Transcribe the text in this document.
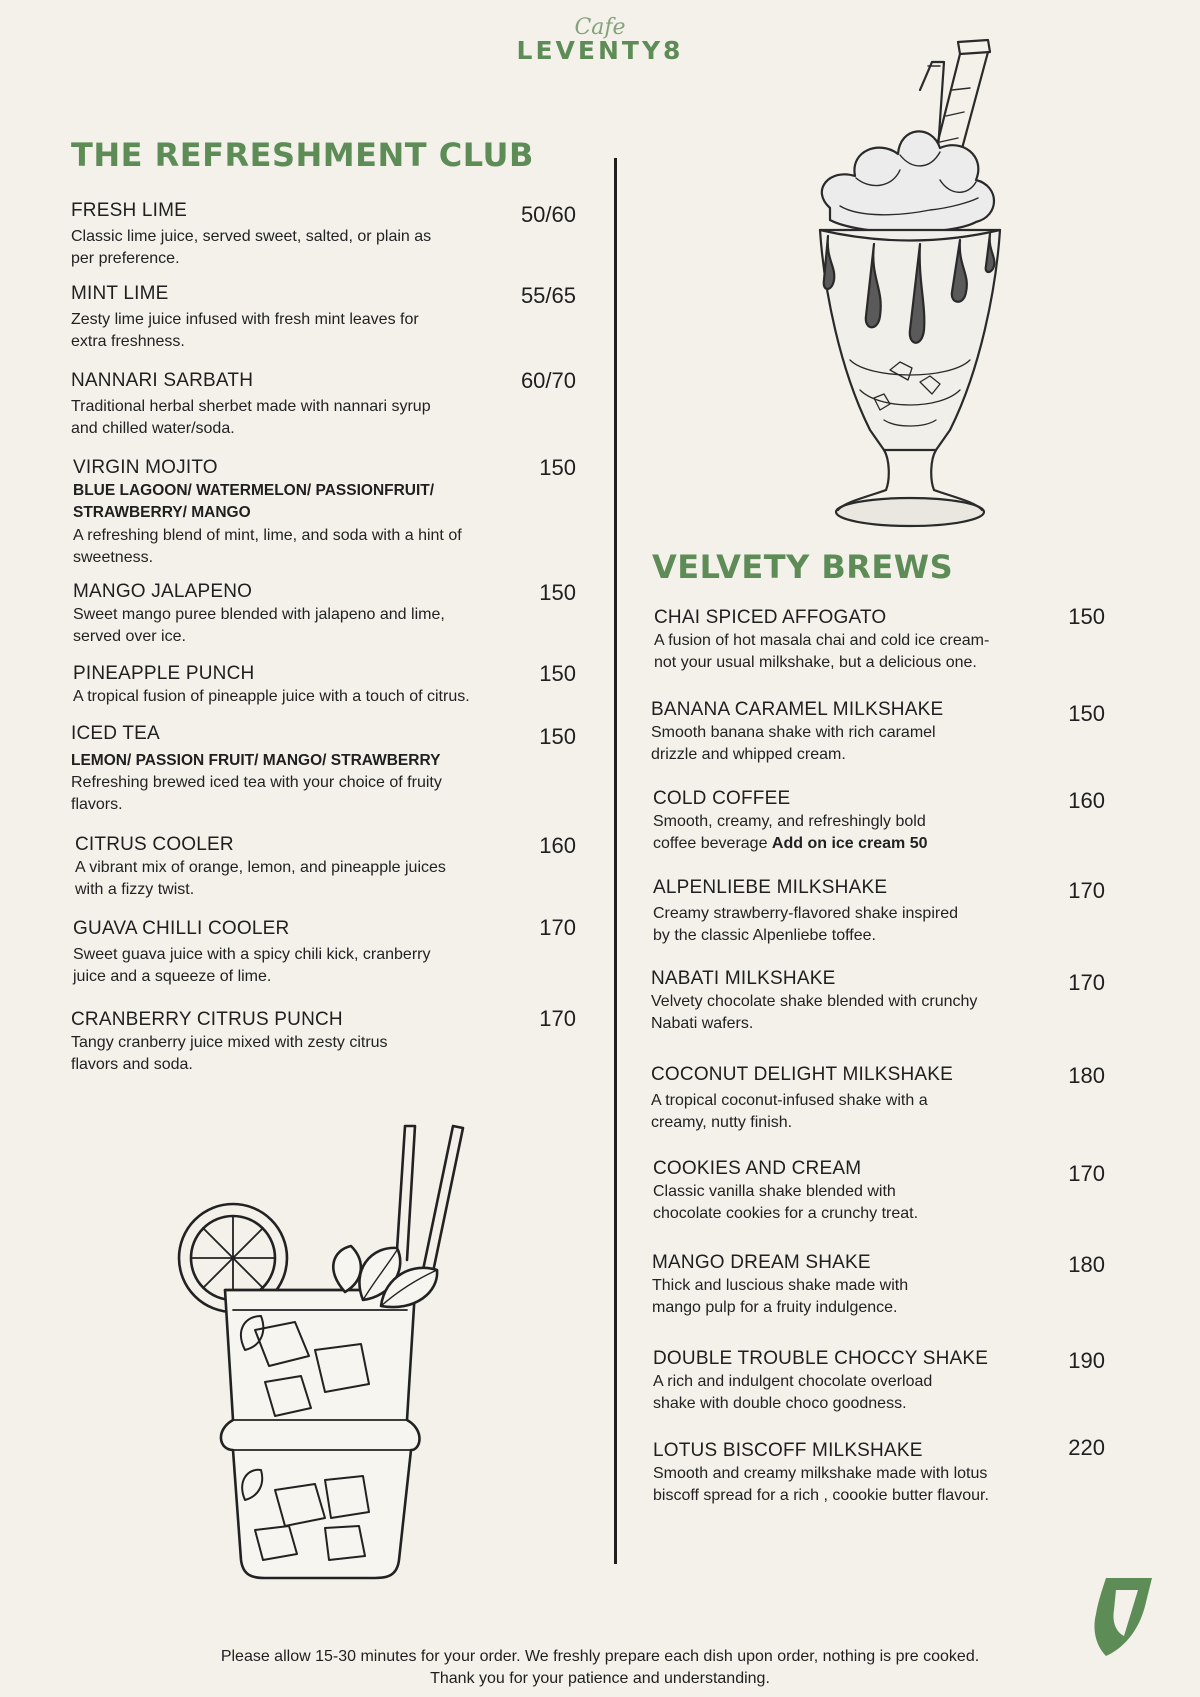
Cafe
LEVENTY8
THE REFRESHMENT CLUB
VELVETY BREWS
FRESH LIME
Classic lime juice, served sweet, salted, or plain as
per preference.
50/60
MINT LIME
Zesty lime juice infused with fresh mint leaves for
extra freshness.
55/65
NANNARI SARBATH
Traditional herbal sherbet made with nannari syrup
and chilled water/soda.
60/70
VIRGIN MOJITO
BLUE LAGOON/ WATERMELON/ PASSIONFRUIT/
STRAWBERRY/ MANGO
A refreshing blend of mint, lime, and soda with a hint of
sweetness.
150
MANGO JALAPENO
Sweet mango puree blended with jalapeno and lime,
served over ice.
150
PINEAPPLE PUNCH
A tropical fusion of pineapple juice with a touch of citrus.
150
ICED TEA
LEMON/ PASSION FRUIT/ MANGO/ STRAWBERRY
Refreshing brewed iced tea with your choice of fruity
flavors.
150
CITRUS COOLER
A vibrant mix of orange, lemon, and pineapple juices
with a fizzy twist.
160
GUAVA CHILLI COOLER
Sweet guava juice with a spicy chili kick, cranberry
juice and a squeeze of lime.
170
CRANBERRY CITRUS PUNCH
Tangy cranberry juice mixed with zesty citrus
flavors and soda.
170
CHAI SPICED AFFOGATO
A fusion of hot masala chai and cold ice cream-
not your usual milkshake, but a delicious one.
150
BANANA CARAMEL MILKSHAKE
Smooth banana shake with rich caramel
drizzle and whipped cream.
150
COLD COFFEE
Smooth, creamy, and refreshingly bold
coffee beverage Add on ice cream 50
160
ALPENLIEBE MILKSHAKE
Creamy strawberry-flavored shake inspired
by the classic Alpenliebe toffee.
170
NABATI MILKSHAKE
Velvety chocolate shake blended with crunchy
Nabati wafers.
170
COCONUT DELIGHT MILKSHAKE
A tropical coconut-infused shake with a
creamy, nutty finish.
180
COOKIES AND CREAM
Classic vanilla shake blended with
chocolate cookies for a crunchy treat.
170
MANGO DREAM SHAKE
Thick and luscious shake made with
mango pulp for a fruity indulgence.
180
DOUBLE TROUBLE CHOCCY SHAKE
A rich and indulgent chocolate overload
shake with double choco goodness.
190
LOTUS BISCOFF MILKSHAKE
Smooth and creamy milkshake made with lotus
biscoff spread for a rich , coookie butter flavour.
220
Please allow 15-30 minutes for your order. We freshly prepare each dish upon order, nothing is pre cooked.
Thank you for your patience and understanding.
